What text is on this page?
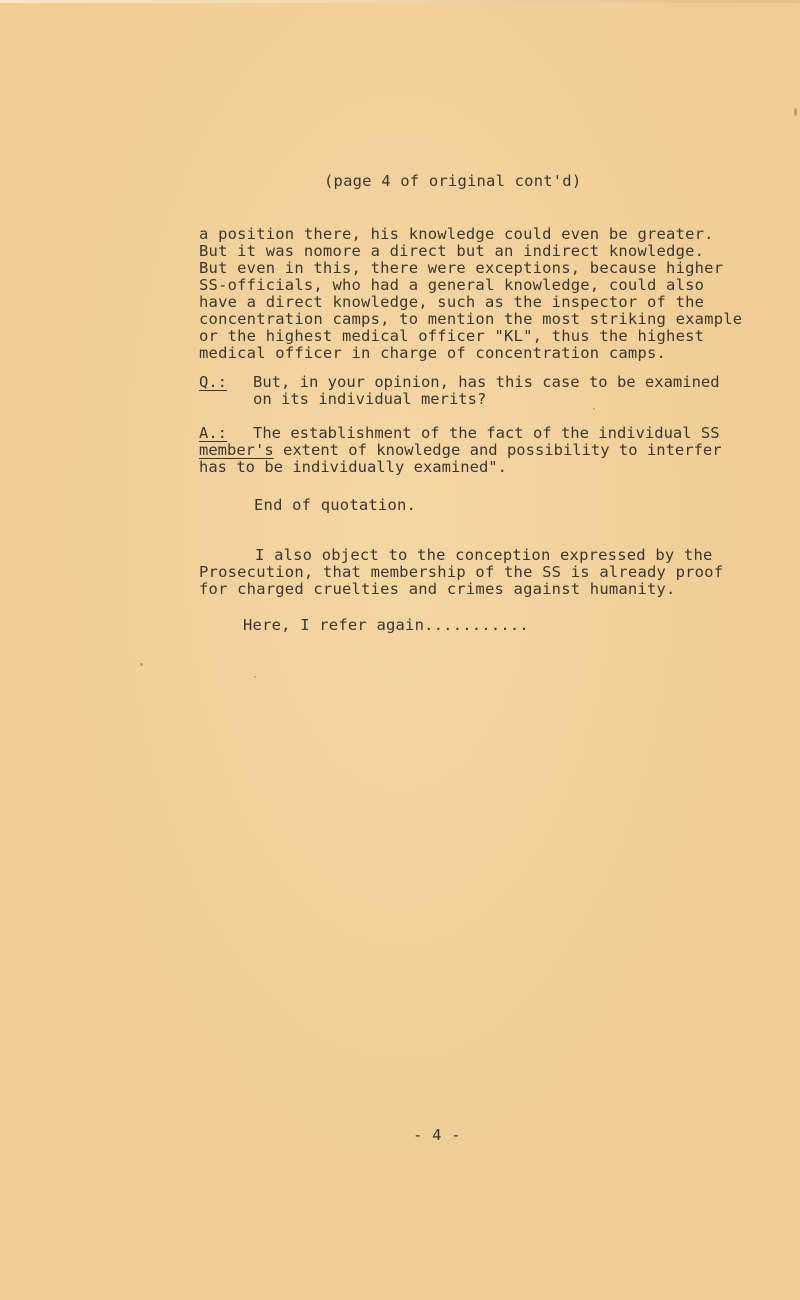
(page 4 of original cont'd)
a position there, his knowledge could even be greater.
But it was nomore a direct but an indirect knowledge.
But even in this, there were exceptions, because higher
SS-officials, who had a general knowledge, could also
have a direct knowledge, such as the inspector of the
concentration camps, to mention the most striking example
or the highest medical officer "KL", thus the highest
medical officer in charge of concentration camps.
Q.: But, in your opinion, has this case to be examined
on its individual merits?
A.: The establishment of the fact of the individual SS
member's extent of knowledge and possibility to interfer
has to be individually examined".
End of quotation.
I also object to the conception expressed by the
Prosecution, that membership of the SS is already proof
for charged cruelties and crimes against humanity.
Here, I refer again...........
- 4 -
